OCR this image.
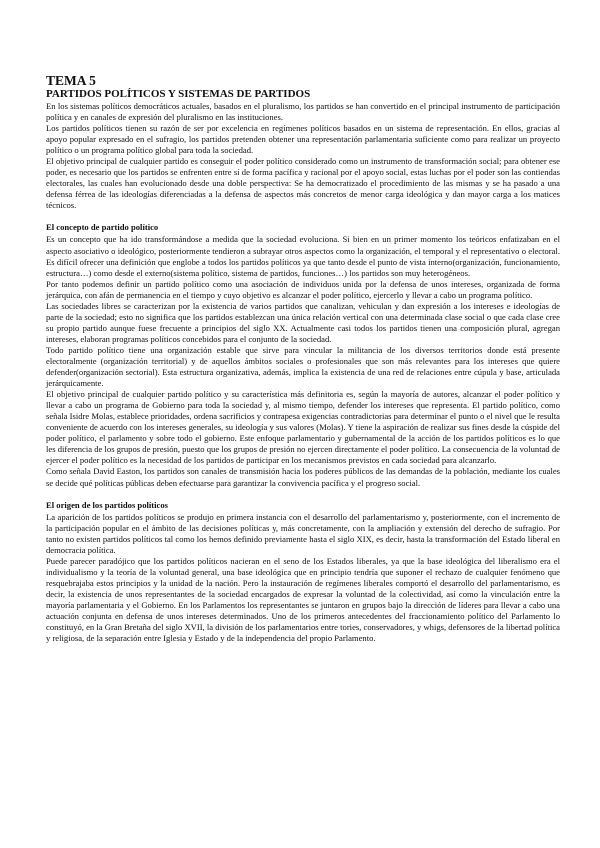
TEMA 5
PARTIDOS POLÍTICOS Y SISTEMAS DE PARTIDOS

En los sistemas políticos democráticos actuales, basados en el pluralismo, los partidos se han convertido en el principal instrumento de participación política y en canales de expresión del pluralismo en las instituciones.

Los partidos políticos tienen su razón de ser por excelencia en regímenes políticos basados en un sistema de representación. En ellos, gracias al apoyo popular expresado en el sufragio, los partidos pretenden obtener una representación parlamentaria suficiente como para realizar un proyecto político o un programa político global para toda la sociedad.

El objetivo principal de cualquier partido es conseguir el poder político considerado como un instrumento de transformación social; para obtener ese poder, es necesario que los partidos se enfrenten entre sí de forma pacífica y racional por el apoyo social, estas luchas por el poder son las contiendas electorales, las cuales han evolucionado desde una doble perspectiva: Se ha democratizado el procedimiento de las mismas y se ha pasado a una defensa férrea de las ideologías diferenciadas a la defensa de aspectos más concretos de menor carga ideológica y dan mayor carga a los matices técnicos.

El concepto de partido político

Es un concepto que ha ido transformándose a medida que la sociedad evoluciona. Si bien en un primer momento los teóricos enfatizaban en el aspecto asociativo o ideológico, posteriormente tendieron a subrayar otros aspectos como la organización, el temporal y el representativo o electoral. Es difícil ofrecer una definición que englobe a todos los partidos políticos ya que tanto desde el punto de vista interno(organización, funcionamiento, estructura…) como desde el externo(sistema político, sistema de partidos, funciones…) los partidos son muy heterogéneos.

Por tanto podemos definir un partido político como una asociación de individuos unida por la defensa de unos intereses, organizada de forma jerárquica, con afán de permanencia en el tiempo y cuyo objetivo es alcanzar el poder político, ejercerlo y llevar a cabo un programa político.

Las sociedades libres se caracterizan por la existencia de varios partidos que canalizan, vehiculan y dan expresión a los intereses e ideologías de parte de la sociedad; esto no significa que los partidos establezcan una única relación vertical con una determinada clase social o que cada clase cree su propio partido aunque fuese frecuente a principios del siglo XX. Actualmente casi todos los partidos tienen una composición plural, agregan intereses, elaboran programas políticos concebidos para el conjunto de la sociedad.

Todo partido político tiene una organización estable que sirve para vincular la militancia de los diversos territorios donde está presente electoralmente (organización territorial) y de aquellos ámbitos sociales o profesionales que son más relevantes para los intereses que quiere defender(organización sectorial). Esta estructura organizativa, además, implica la existencia de una red de relaciones entre cúpula y base, articulada jerárquicamente.

El objetivo principal de cualquier partido político y su característica más definitoria es, según la mayoría de autores, alcanzar el poder político y llevar a cabo un programa de Gobierno para toda la sociedad y, al mismo tiempo, defender los intereses que representa. El partido político, como señala Isidre Molas, establece prioridades, ordena sacrificios y contrapesa exigencias contradictorias para determinar el punto o el nivel que le resulta conveniente de acuerdo con los intereses generales, su ideología y sus valores (Molas). Y tiene la aspiración de realizar sus fines desde la cúspide del poder político, el parlamento y sobre todo el gobierno. Este enfoque parlamentario y gubernamental de la acción de los partidos políticos es lo que les diferencia de los grupos de presión, puesto que los grupos de presión no ejercen directamente el poder político. La consecuencia de la voluntad de ejercer el poder político es la necesidad de los partidos de participar en los mecanismos previstos en cada sociedad para alcanzarlo.

Como señala David Easton, los partidos son canales de transmisión hacia los poderes públicos de las demandas de la población, mediante los cuales se decide qué políticas públicas deben efectuarse para garantizar la convivencia pacífica y el progreso social.

El origen de los partidos políticos

La aparición de los partidos políticos se produjo en primera instancia con el desarrollo del parlamentarismo y, posteriormente, con el incremento de la participación popular en el ámbito de las decisiones políticas y, más concretamente, con la ampliación y extensión del derecho de sufragio. Por tanto no existen partidos políticos tal como los hemos definido previamente hasta el siglo XIX, es decir, hasta la transformación del Estado liberal en democracia política.

Puede parecer paradójico que los partidos políticos nacieran en el seno de los Estados liberales, ya que la base ideológica del liberalismo era el individualismo y la teoría de la voluntad general, una base ideológica que en principio tendría que suponer el rechazo de cualquier fenómeno que resquebrajaba estos principios y la unidad de la nación. Pero la instauración de regímenes liberales comportó el desarrollo del parlamentarismo, es decir, la existencia de unos representantes de la sociedad encargados de expresar la voluntad de la colectividad, así como la vinculación entre la mayoría parlamentaria y el Gobierno. En los Parlamentos los representantes se juntaron en grupos bajo la dirección de líderes para llevar a cabo una actuación conjunta en defensa de unos intereses determinados. Uno de los primeros antecedentes del fraccionamiento político del Parlamento lo constituyó, en la Gran Bretaña del siglo XVII, la división de los parlamentarios entre tories, conservadores, y whigs, defensores de la libertad política y religiosa, de la separación entre Iglesia y Estado y de la independencia del propio Parlamento.
